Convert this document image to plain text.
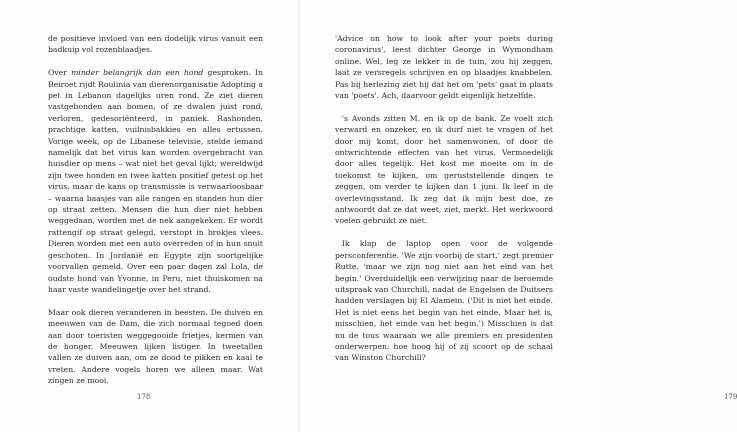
de positieve invloed van een dodelijk virus vanuit een badkuip vol rozenblaadjes.

Over minder belangrijk dan een hond gesproken. In Beiroet rijdt Roulinia van dierenorganisatie Adopting a pet in Lebanon dagelijks uren rond. Ze ziet dieren vastgebonden aan bomen, of ze dwalen juist rond, verloren, gedesoriënteerd, in paniek. Rashonden, prachtige katten, vuilnisbakkies en alles ertussen. Vorige week, op de Libanese televisie, stelde iemand namelijk dat het virus kan worden overgebracht van huisdier op mens – wat niet het geval lijkt; wereldwijd zijn twee honden en twee katten positief getest op het virus, maar de kans op transmissie is verwaarloosbaar – waarna baasjes van alle rangen en standen hun dier op straat zetten. Mensen die hun dier niet hebben weggedaan, worden met de nek aangekeken. Er wordt rattengif op straat gelegd, verstopt in brokjes vlees. Dieren worden met een auto overreden of in hun snuit geschoten. In Jordanië en Egypte zijn soortgelijke voorvallen gemeld. Over een paar dagen zal Lola, de oudste hond van Yvonne, in Peru, niet thuiskomen na haar vaste wandelingetje over het strand.

Maar ook dieren veranderen in beesten. De duiven en meeuwen van de Dam, die zich normaal tegoed doen aan door toeristen weggegooide frietjes, kermen van de honger. Meeuwen lijken listiger. In tweetallen vallen ze duiven aan, om ze dood te pikken en kaal te vreten. Andere vogels horen we alleen maar. Wat zingen ze mooi.

178	179

'Advice on how to look after your poets during coronavirus', leest dichter George in Wymondham online. Wel, leg ze lekker in de tuin, zou hij zeggen, laat ze versregels schrijven en op blaadjes knabbelen. Pas bij herlezing ziet hij dat het om 'pets' gaat in plaats van 'poets'. Ach, daarvoor geldt eigenlijk hetzelfde.

's Avonds zitten M. en ik op de bank. Ze voelt zich verward en onzeker, en ik durf niet te vragen of het door mij komt, door het samenwonen, of door de ontwrichtende effecten van het virus. Vermoedelijk door alles tegelijk. Het kost me moeite om in de toekomst te kijken, om geruststellende dingen te zeggen, om verder te kijken dan 1 juni. Ik leef in de overlevingsstand. Ik zeg dat ik mijn best doe, ze antwoordt dat ze dat weet, ziet, merkt. Het werkwoord voelen gebruikt ze niet.

Ik klap de laptop open voor de volgende persconferentie. 'We zijn voorbij de start,' zegt premier Rutte, 'maar we zijn nog niet aan het eind van het begin.' Overduidelijk een verwijzing naar de beroemde uitspraak van Churchill, nadat de Engelsen de Duitsers hadden verslagen bij El Alamein. ('Dit is niet het einde. Het is niet eens het begin van het einde. Maar het is, misschien, het einde van het begin.') Misschien is dat nu de tous waaraan we alle premiers en presidenten onderwerpen: hoe hoog hij of zij scoort op de schaal van Winston Churchill?
